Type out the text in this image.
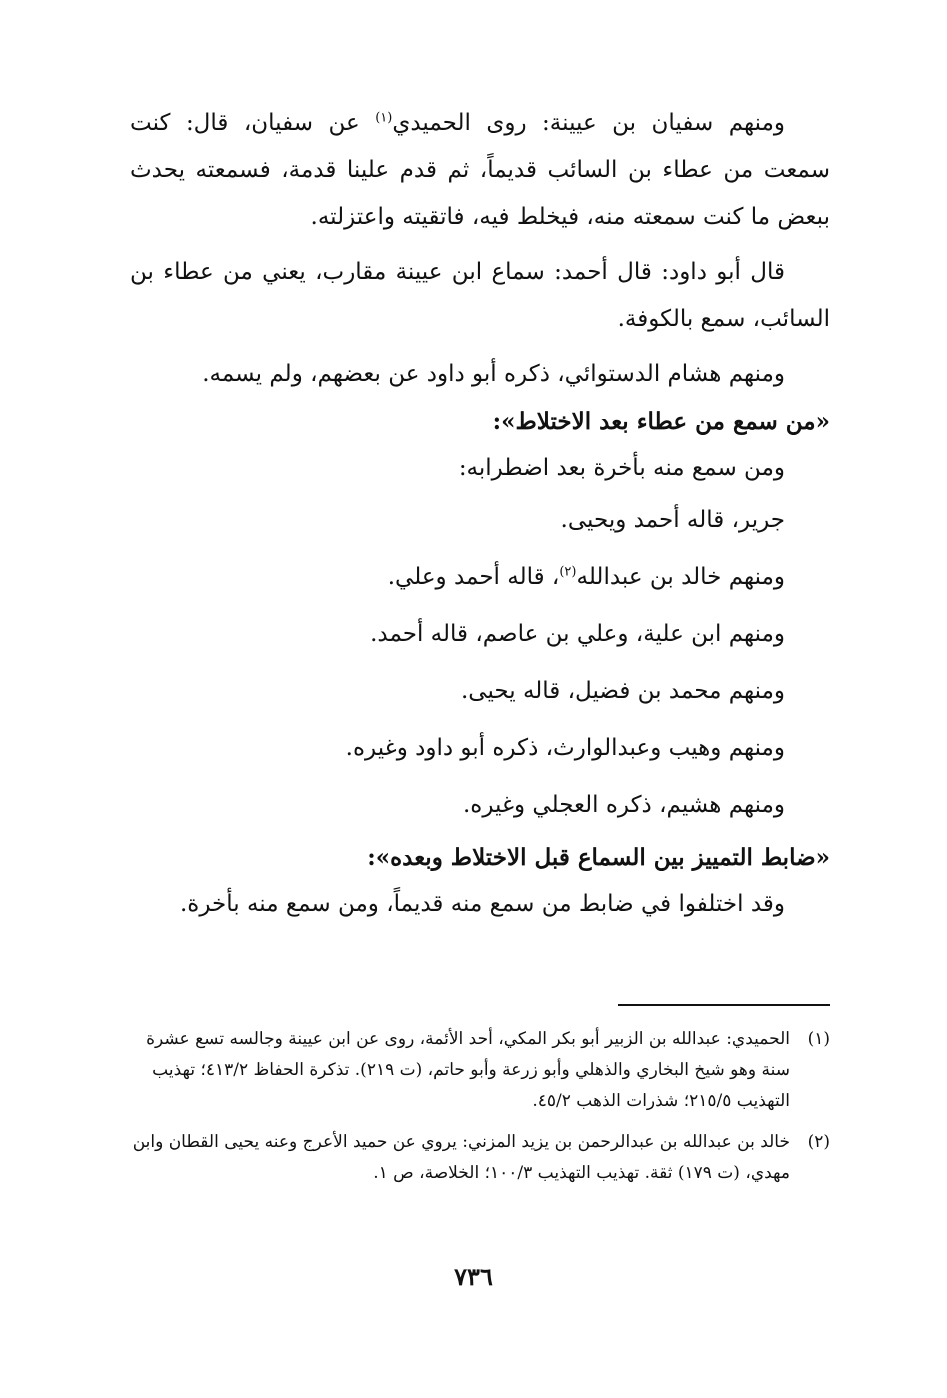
ومنهم سفيان بن عيينة: روى الحميدي$^{(١)}$ عن سفيان، قال: كنت سمعت من عطاء بن السائب قديماً، ثم قدم علينا قدمة، فسمعته يحدث ببعض ما كنت سمعته منه، فيخلط فيه، فاتقيته واعتزلته.

قال أبو داود: قال أحمد: سماع ابن عيينة مقارب، يعني من عطاء بن السائب، سمع بالكوفة.

ومنهم هشام الدستوائي، ذكره أبو داود عن بعضهم، ولم يسمه.

«من سمع من عطاء بعد الاختلاط»:

ومن سمع منه بأخرة بعد اضطرابه:

جرير، قاله أحمد ويحيى.

ومنهم خالد بن عبدالله$^{(٢)}$، قاله أحمد وعلي.

ومنهم ابن علية، وعلي بن عاصم، قاله أحمد.

ومنهم محمد بن فضيل، قاله يحيى.

ومنهم وهيب وعبدالوارث، ذكره أبو داود وغيره.

ومنهم هشيم، ذكره العجلي وغيره.

«ضابط التمييز بين السماع قبل الاختلاط وبعده»:

وقد اختلفوا في ضابط من سمع منه قديماً، ومن سمع منه بأخرة.

(١)
الحميدي: عبدالله بن الزبير أبو بكر المكي، أحد الأئمة، روى عن ابن عيينة وجالسه تسع عشرة سنة وهو شيخ البخاري والذهلي وأبو زرعة وأبو حاتم، (ت ٢١٩). تذكرة الحفاظ ٤١٣/٢؛ تهذيب التهذيب ٢١٥/٥؛ شذرات الذهب ٤٥/٢.

(٢)
خالد بن عبدالله بن عبدالرحمن بن يزيد المزني: يروي عن حميد الأعرج وعنه يحيى القطان وابن مهدي، (ت ١٧٩) ثقة. تهذيب التهذيب ١٠٠/٣؛ الخلاصة، ص ١.

٧٣٦
